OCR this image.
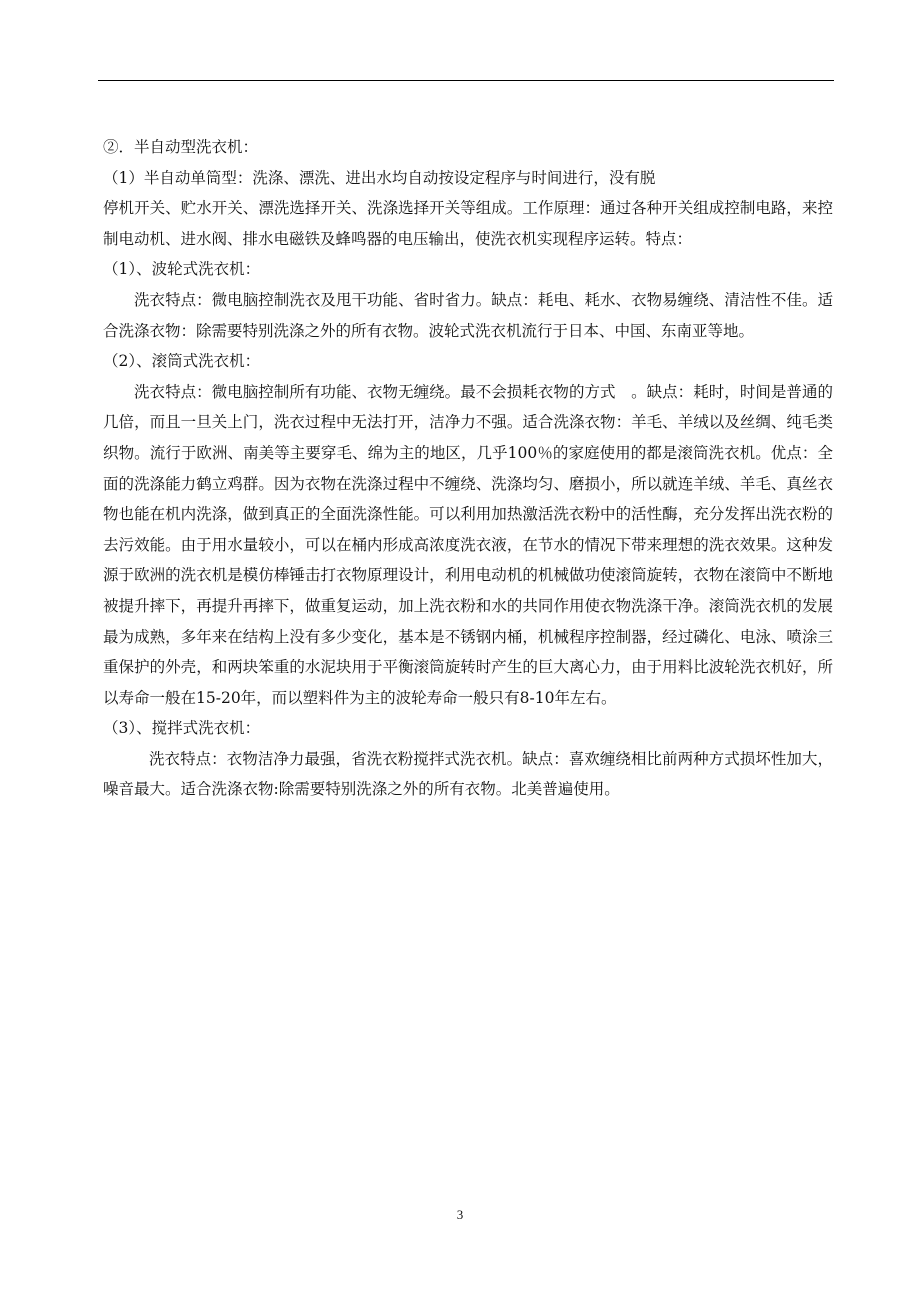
②．半自动型洗衣机：

（1）半自动单筒型：洗涤、漂洗、进出水均自动按设定程序与时间进行，没有脱

停机开关、贮水开关、漂洗选择开关、洗涤选择开关等组成。工作原理：通过各种开关组成控制电路，来控制电动机、进水阀、排水电磁铁及蜂鸣器的电压输出，使洗衣机实现程序运转。特点：

（1）、波轮式洗衣机：

洗衣特点：微电脑控制洗衣及甩干功能、省时省力。缺点：耗电、耗水、衣物易缠绕、清洁性不佳。适合洗涤衣物：除需要特别洗涤之外的所有衣物。波轮式洗衣机流行于日本、中国、东南亚等地。

（2）、滚筒式洗衣机：

洗衣特点：微电脑控制所有功能、衣物无缠绕。最不会损耗衣物的方式　。缺点：耗时，时间是普通的几倍，而且一旦关上门，洗衣过程中无法打开，洁净力不强。适合洗涤衣物：羊毛、羊绒以及丝绸、纯毛类织物。流行于欧洲、南美等主要穿毛、绵为主的地区，几乎100％的家庭使用的都是滚筒洗衣机。优点：全面的洗涤能力鹤立鸡群。因为衣物在洗涤过程中不缠绕、洗涤均匀、磨损小，所以就连羊绒、羊毛、真丝衣物也能在机内洗涤，做到真正的全面洗涤性能。可以利用加热激活洗衣粉中的活性酶，充分发挥出洗衣粉的去污效能。由于用水量较小，可以在桶内形成高浓度洗衣液，在节水的情况下带来理想的洗衣效果。这种发源于欧洲的洗衣机是模仿棒锤击打衣物原理设计，利用电动机的机械做功使滚筒旋转，衣物在滚筒中不断地被提升摔下，再提升再摔下，做重复运动，加上洗衣粉和水的共同作用使衣物洗涤干净。滚筒洗衣机的发展最为成熟，多年来在结构上没有多少变化，基本是不锈钢内桶，机械程序控制器，经过磷化、电泳、喷涂三重保护的外壳，和两块笨重的水泥块用于平衡滚筒旋转时产生的巨大离心力，由于用料比波轮洗衣机好，所以寿命一般在15-20年，而以塑料件为主的波轮寿命一般只有8-10年左右。

（3）、搅拌式洗衣机：

洗衣特点：衣物洁净力最强，省洗衣粉搅拌式洗衣机。缺点：喜欢缠绕相比前两种方式损坏性加大，噪音最大。适合洗涤衣物:除需要特别洗涤之外的所有衣物。北美普遍使用。

3
